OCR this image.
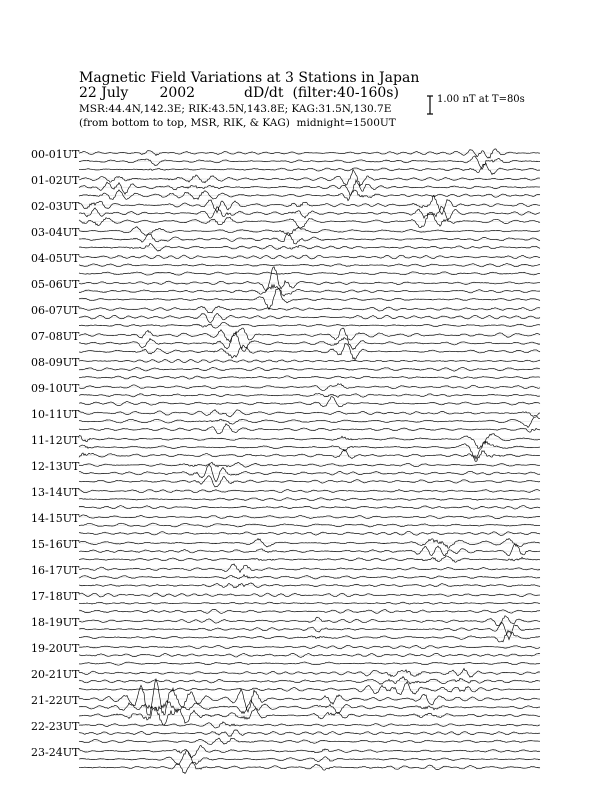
Magnetic Field Variations at 3 Stations in Japan
22 July 2002	dD/dt (filter:40-160s)
MSR:44.4N,142.3E; RIK:43.5N,143.8E; KAG:31.5N,130.7E
(from bottom to top, MSR, RIK, & KAG) midnight=1500UT
1.00 nT at T=80s
00-01UT
01-02UT
02-03UT
03-04UT
04-05UT
05-06UT
06-07UT
07-08UT
08-09UT
09-10UT
10-11UT
11-12UT
12-13UT
13-14UT
14-15UT
15-16UT
16-17UT
17-18UT
18-19UT
19-20UT
20-21UT
21-22UT
22-23UT
23-24UT
